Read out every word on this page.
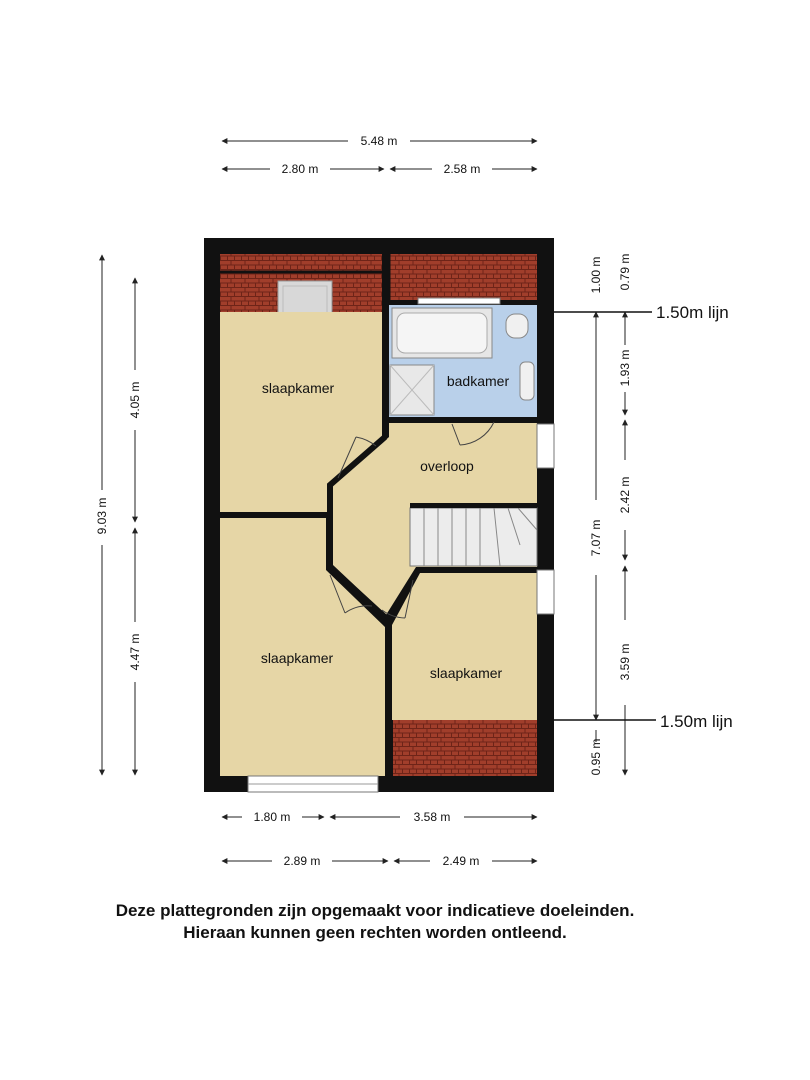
5.48 m
2.80 m	2.58 m
9.03 m
4.05 m
4.47 m
7.07 m
1.00 m 0.79 m
1.93 m
2.42 m
3.59 m
0.95 m
slaapkamer	badkamer
overloop
slaapkamer
slaapkamer
1.50m lijn
1.50m lijn
1.80 m	3.58 m
2.89 m	2.49 m
Deze plattegronden zijn opgemaakt voor indicatieve doeleinden.
Hieraan kunnen geen rechten worden ontleend.
